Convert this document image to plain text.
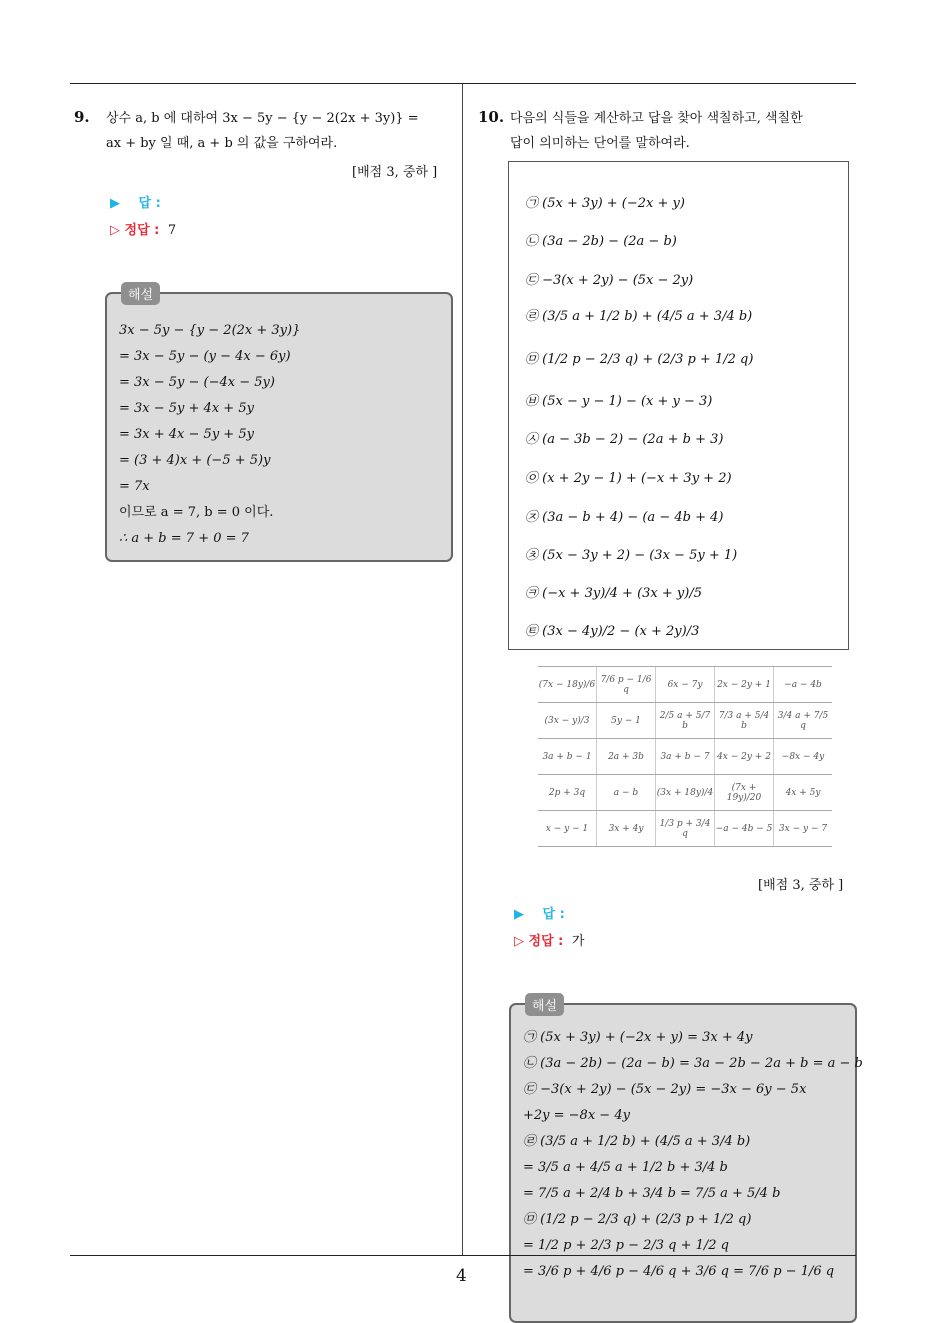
9. 상수 a, b 에 대하여 3x − 5y − {y − 2(2x + 3y)} =
ax + by 일 때, a + b 의 값을 구하여라.
[배점 3, 중하 ]
▶ 답 :
▷ 정답 : 7
해설
3x − 5y − {y − 2(2x + 3y)}
= 3x − 5y − (y − 4x − 6y)
= 3x − 5y − (−4x − 5y)
= 3x − 5y + 4x + 5y
= 3x + 4x − 5y + 5y
= (3 + 4)x + (−5 + 5)y
= 7x
이므로 a = 7, b = 0 이다.
∴ a + b = 7 + 0 = 7
10. 다음의 식들을 계산하고 답을 찾아 색칠하고, 색칠한
답이 의미하는 단어를 말하여라.
㉠ (5x + 3y) + (−2x + y)
㉡ (3a − 2b) − (2a − b)
㉢ −3(x + 2y) − (5x − 2y)
㉣ (3/5 a + 1/2 b) + (4/5 a + 3/4 b)
㉤ (1/2 p − 2/3 q) + (2/3 p + 1/2 q)
㉥ (5x − y − 1) − (x + y − 3)
㉦ (a − 3b − 2) − (2a + b + 3)
㉧ (x + 2y − 1) + (−x + 3y + 2)
㉨ (3a − b + 4) − (a − 4b + 4)
㉩ (5x − 3y + 2) − (3x − 5y + 1)
㉪ (−x + 3y)/4 + (3x + y)/5
㉫ (3x − 4y)/2 − (x + 2y)/3
(7x − 18y)/6	7/6 p − 1/6 q	6x − 7y	2x − 2y + 1	−a − 4b
(3x − y)/3	5y − 1	2/5 a + 5/7 b	7/3 a + 5/4 b	3/4 a + 7/5 q
3a + b − 1	2a + 3b	3a + b − 7	4x − 2y + 2	−8x − 4y
2p + 3q	a − b	(3x + 18y)/4	(7x + 19y)/20	4x + 5y
x − y − 1	3x + 4y	1/3 p + 3/4 q	−a − 4b − 5	3x − y − 7
[배점 3, 중하 ]
▶ 답 :
▷ 정답 : 가
해설
㉠ (5x + 3y) + (−2x + y) = 3x + 4y
㉡ (3a − 2b) − (2a − b) = 3a − 2b − 2a + b = a − b
㉢ −3(x + 2y) − (5x − 2y) = −3x − 6y − 5x
+2y = −8x − 4y
㉣ (3/5 a + 1/2 b) + (4/5 a + 3/4 b)
= 3/5 a + 4/5 a + 1/2 b + 3/4 b
= 7/5 a + 2/4 b + 3/4 b = 7/5 a + 5/4 b
㉤ (1/2 p − 2/3 q) + (2/3 p + 1/2 q)
= 1/2 p + 2/3 p − 2/3 q + 1/2 q
= 3/6 p + 4/6 p − 4/6 q + 3/6 q = 7/6 p − 1/6 q
4
